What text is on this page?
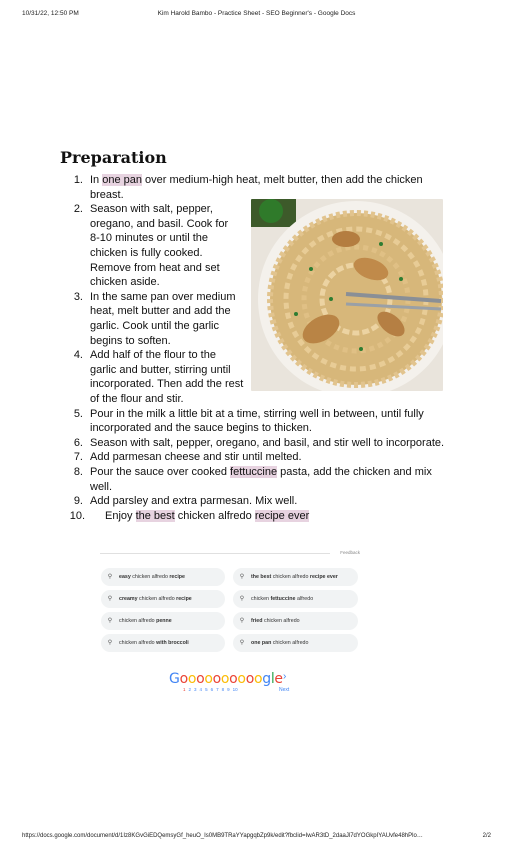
10/31/22, 12:50 PM	Kim Harold Bambo - Practice Sheet - SEO Beginner's - Google Docs
Preparation
1. In one pan over medium-high heat, melt butter, then add the chicken
breast.
2. Season with salt, pepper,
oregano, and basil. Cook for
8-10 minutes or until the
chicken is fully cooked.
Remove from heat and set
chicken aside.
3. In the same pan over medium
heat, melt butter and add the
garlic. Cook until the garlic
begins to soften.
4. Add half of the flour to the
garlic and butter, stirring until
incorporated. Then add the rest
of the flour and stir.
5. Pour in the milk a little bit at a time, stirring well in between, until fully
incorporated and the sauce begins to thicken.
6. Season with salt, pepper, oregano, and basil, and stir well to incorporate.
7. Add parmesan cheese and stir until melted.
8. Pour the sauce over cooked fettuccine pasta, add the chicken and mix
well.
9. Add parsley and extra parmesan. Mix well.
10. Enjoy the best chicken alfredo recipe ever
Feedback
⚲	easy chicken alfredo recipe	⚲	the best chicken alfredo recipe ever
⚲	creamy chicken alfredo recipe	⚲	chicken fettuccine alfredo
⚲	chicken alfredo penne	⚲	fried chicken alfredo
⚲	chicken alfredo with broccoli	⚲	one pan chicken alfredo
Goooooooooogle ›
1 2 3 4 5 6 7 8 9 10	Next
https://docs.google.com/document/d/1Iz8KGvGiEDQemsyGf_heuO_Is0MB9TRaYYapgqbZp9k/edit?fbclid=IwAR3tD_2daaJl7dYOGkpIYAUvfe48hPlo…	2/2
